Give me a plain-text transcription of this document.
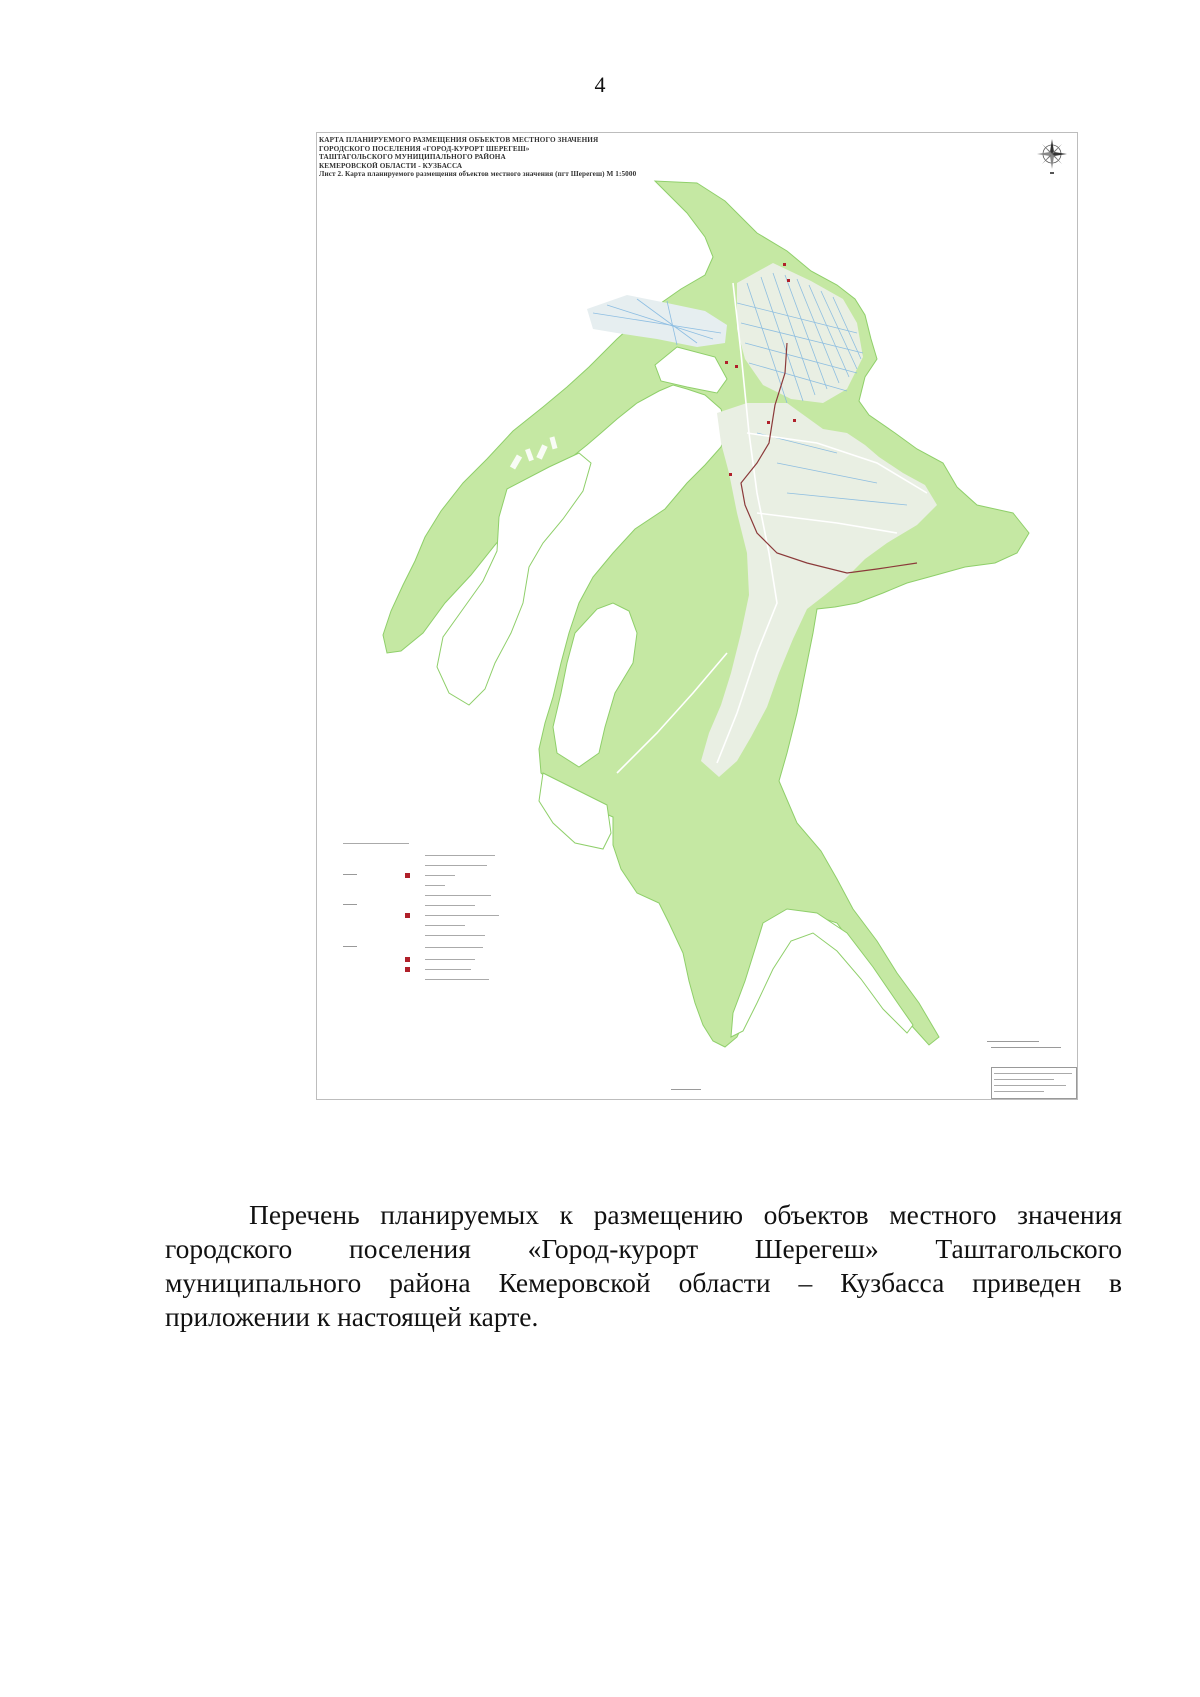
4
КАРТА ПЛАНИРУЕМОГО РАЗМЕЩЕНИЯ ОБЪЕКТОВ МЕСТНОГО ЗНАЧЕНИЯ
ГОРОДСКОГО ПОСЕЛЕНИЯ «ГОРОД-КУРОРТ ШЕРЕГЕШ»
ТАШТАГОЛЬСКОГО МУНИЦИПАЛЬНОГО РАЙОНА
КЕМЕРОВСКОЙ ОБЛАСТИ - КУЗБАССА
Лист 2. Карта планируемого размещения объектов местного значения (пгт Шерегеш) М 1:5000

Перечень планируемых к размещению объектов местного значения городского поселения «Город-курорт Шерегеш» Таштагольского муниципального района Кемеровской области – Кузбасса приведен в приложении к настоящей карте.
